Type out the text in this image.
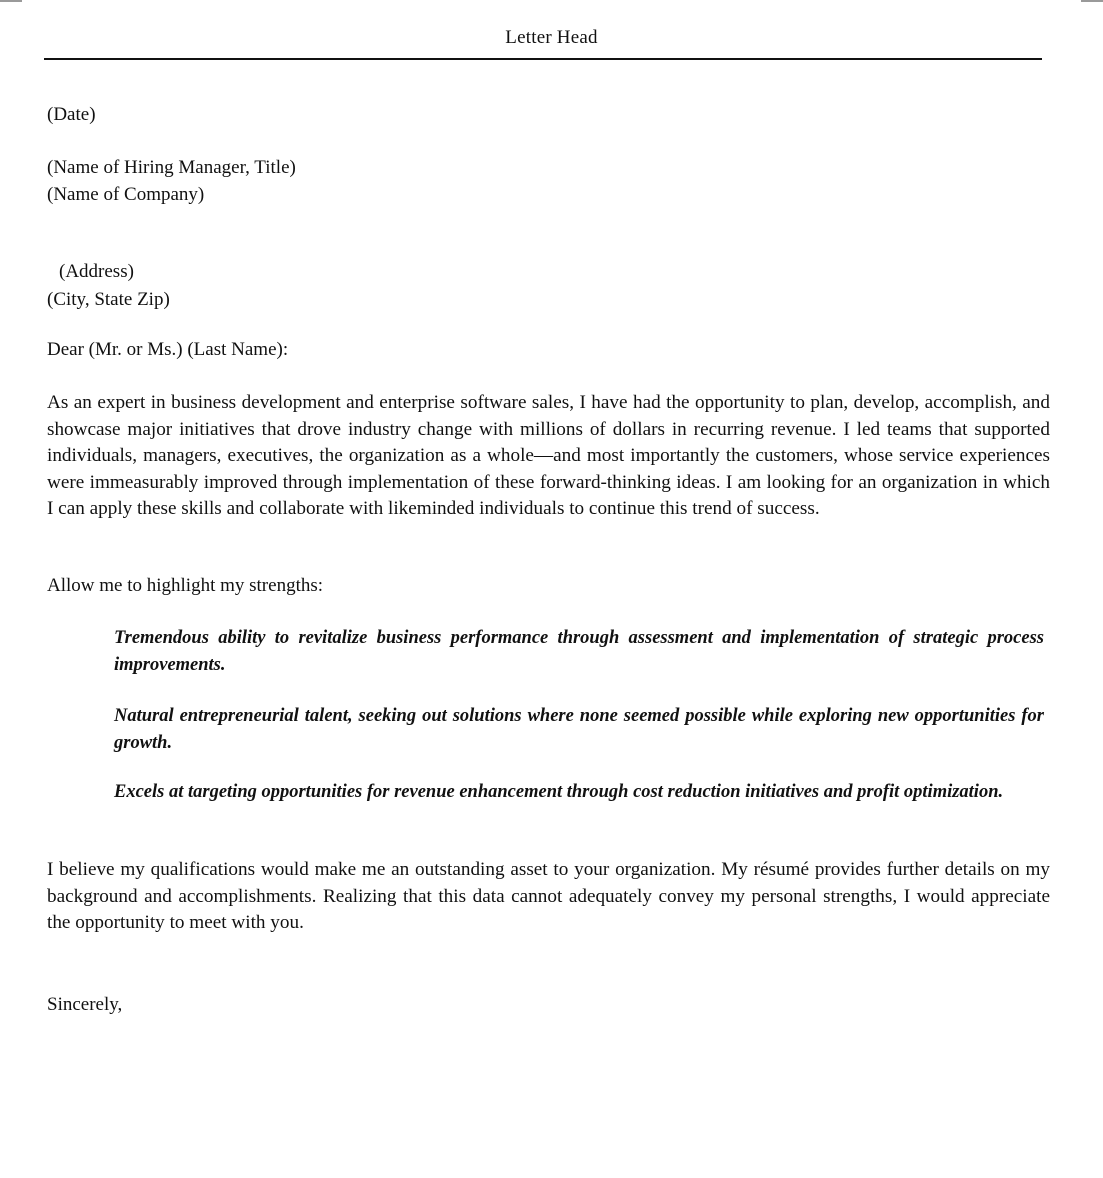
Letter Head
(Date)
(Name of Hiring Manager, Title)
(Name of Company)
(Address)
(City, State Zip)
Dear (Mr. or Ms.) (Last Name):
As an expert in business development and enterprise software sales, I have had the opportunity to plan, develop, accomplish, and showcase major initiatives that drove industry change with millions of dollars in recurring revenue. I led teams that supported individuals, managers, executives, the organization as a whole—and most importantly the customers, whose service experiences were immeasurably improved through implementation of these forward-thinking ideas. I am looking for an organization in which I can apply these skills and collaborate with likeminded individuals to continue this trend of success.
Allow me to highlight my strengths:
Tremendous ability to revitalize business performance through assessment and implementation of strategic process improvements.
Natural entrepreneurial talent, seeking out solutions where none seemed possible while exploring new opportunities for growth.
Excels at targeting opportunities for revenue enhancement through cost reduction initiatives and profit optimization.
I believe my qualifications would make me an outstanding asset to your organization. My résumé provides further details on my background and accomplishments. Realizing that this data cannot adequately convey my personal strengths, I would appreciate the opportunity to meet with you.
Sincerely,
